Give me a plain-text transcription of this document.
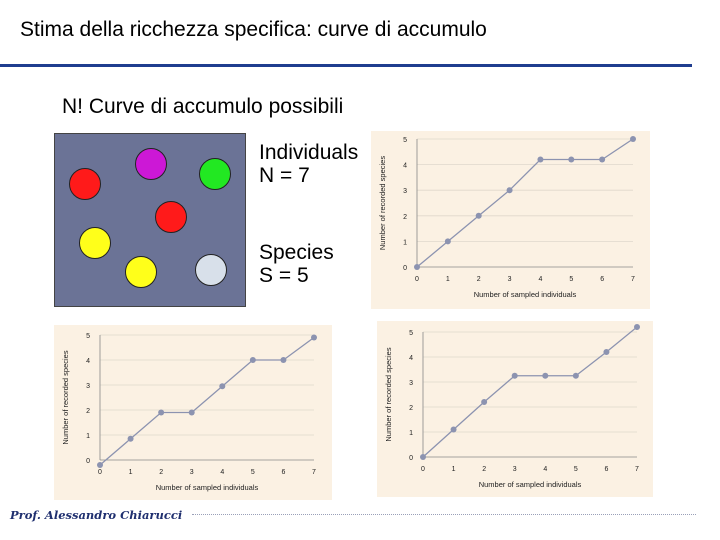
Stima della ricchezza specifica: curve di accumulo
N! Curve di accumulo possibili
Individuals
N = 7
Species
S = 5	0
1
2
3
4
5
0	1	2	3	4	5	6	7
Number of sampled individuals
Number of recorded species
0
1
2
3
4
5
0	1	2	3	4	5	6	7
Number of sampled individuals
Number of recorded species
0
1
2
3
4
5
0	1	2	3	4	5	6	7
Number of sampled individuals
Number of recorded species
Prof. Alessandro Chiarucci
